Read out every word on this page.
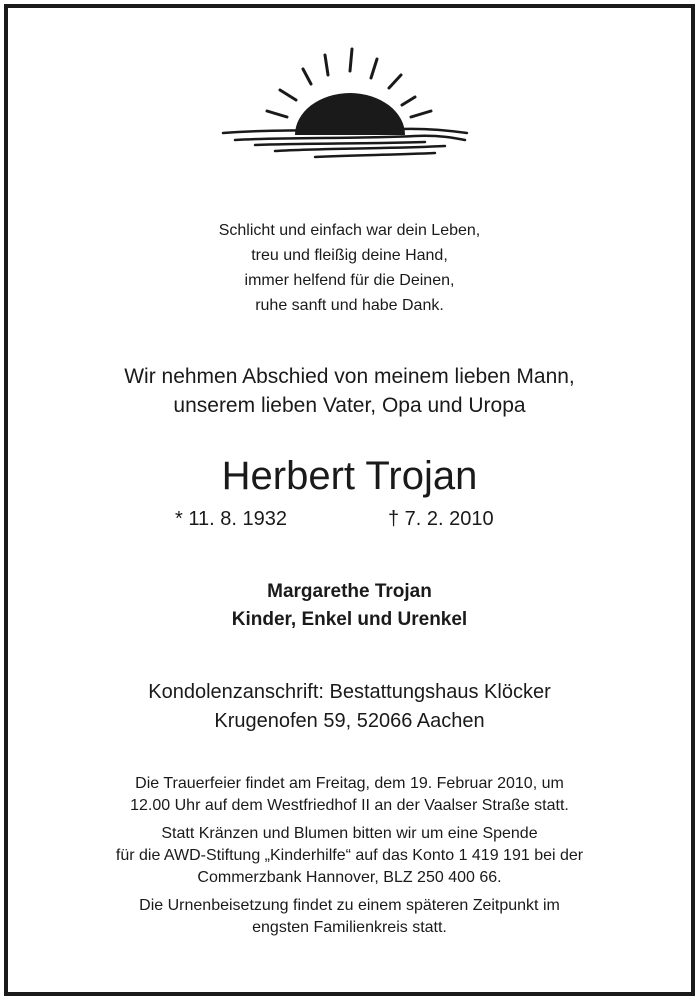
Schlicht und einfach war dein Leben,
treu und fleißig deine Hand,
immer helfend für die Deinen,
ruhe sanft und habe Dank.
Wir nehmen Abschied von meinem lieben Mann,
unserem lieben Vater, Opa und Uropa
Herbert Trojan
* 11. 8. 1932	† 7. 2. 2010
Margarethe Trojan
Kinder, Enkel und Urenkel
Kondolenzanschrift: Bestattungshaus Klöcker
Krugenofen 59, 52066 Aachen

Die Trauerfeier findet am Freitag, dem 19. Februar 2010, um
12.00 Uhr auf dem Westfriedhof II an der Vaalser Straße statt.

Statt Kränzen und Blumen bitten wir um eine Spende
für die AWD-Stiftung „Kinderhilfe“ auf das Konto 1 419 191 bei der
Commerzbank Hannover, BLZ 250 400 66.

Die Urnenbeisetzung findet zu einem späteren Zeitpunkt im
engsten Familienkreis statt.
